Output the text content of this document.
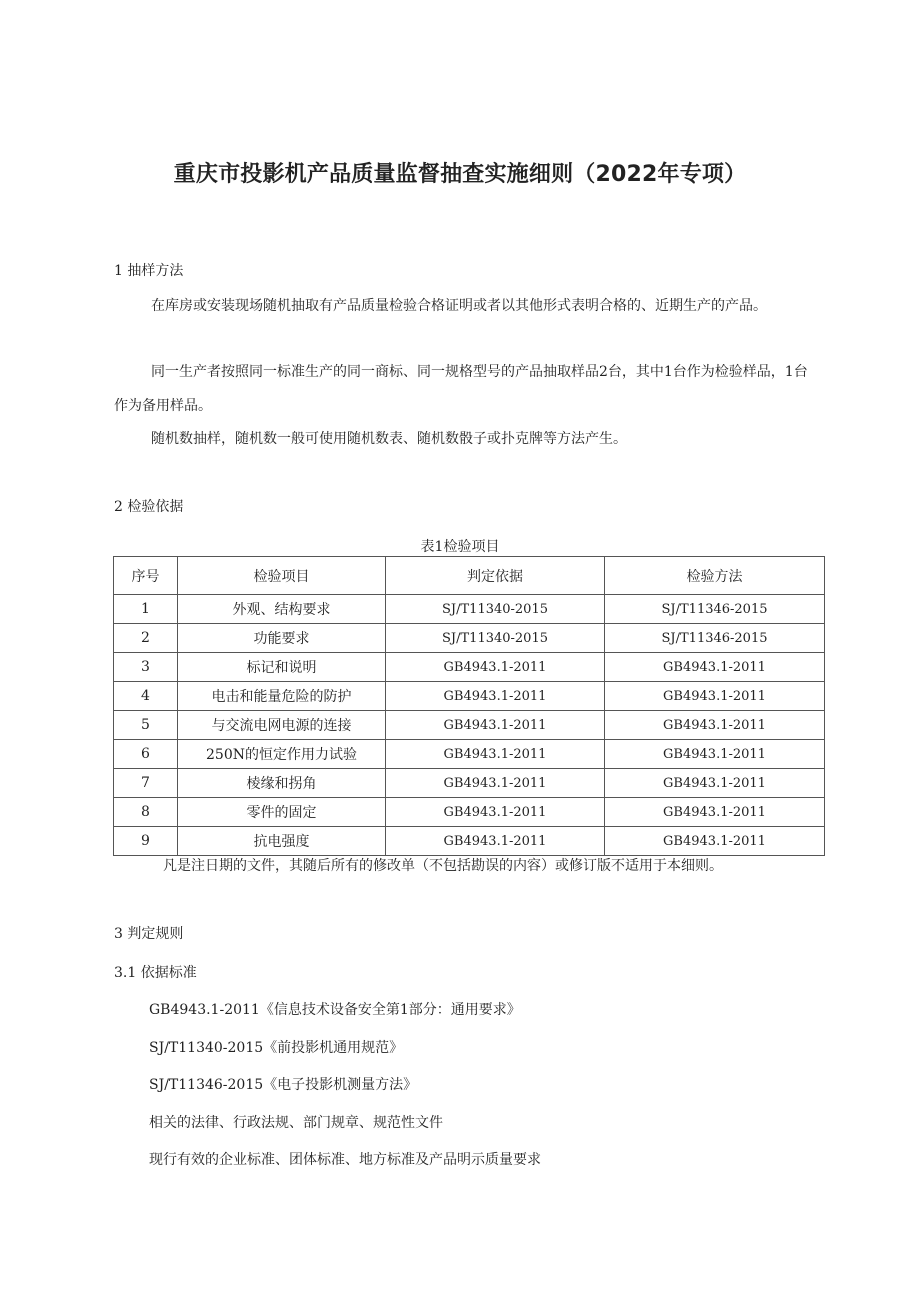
重庆市投影机产品质量监督抽查实施细则（2022年专项）

1 抽样方法

在库房或安装现场随机抽取有产品质量检验合格证明或者以其他形式表明合格的、近期生产的产品。

同一生产者按照同一标准生产的同一商标、同一规格型号的产品抽取样品2台，其中1台作为检验样品，1台作为备用样品。

随机数抽样，随机数一般可使用随机数表、随机数骰子或扑克牌等方法产生。

2 检验依据

表1检验项目

序号	检验项目	判定依据	检验方法
1	外观、结构要求	SJ/T11340-2015	SJ/T11346-2015
2	功能要求	SJ/T11340-2015	SJ/T11346-2015
3	标记和说明	GB4943.1-2011	GB4943.1-2011
4	电击和能量危险的防护	GB4943.1-2011	GB4943.1-2011
5	与交流电网电源的连接	GB4943.1-2011	GB4943.1-2011
6	250N的恒定作用力试验	GB4943.1-2011	GB4943.1-2011
7	棱缘和拐角	GB4943.1-2011	GB4943.1-2011
8	零件的固定	GB4943.1-2011	GB4943.1-2011
9	抗电强度	GB4943.1-2011	GB4943.1-2011

凡是注日期的文件，其随后所有的修改单（不包括勘误的内容）或修订版不适用于本细则。

3 判定规则

3.1 依据标准

GB4943.1-2011《信息技术设备安全第1部分：通用要求》

SJ/T11340-2015《前投影机通用规范》

SJ/T11346-2015《电子投影机测量方法》

相关的法律、行政法规、部门规章、规范性文件

现行有效的企业标准、团体标准、地方标准及产品明示质量要求
